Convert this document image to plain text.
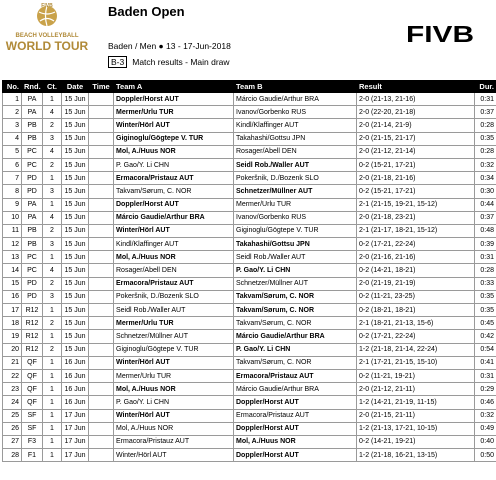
FIVB
BEACH VOLLEYBALL
WORLD TOUR
Baden Open
Baden / Men ● 13 - 17-Jun-2018
B-3 Match results - Main draw
FIVB
No.	Rnd.	Ct.	Date	Time	Team A	Team B	Result	Dur.
1	PA	1	15 Jun		Doppler/Horst AUT	Márcio Gaudie/Arthur BRA	2-0 (21-13, 21-16)	0:31
2	PA	4	15 Jun		Mermer/Urlu TUR	Ivanov/Gorbenko RUS	2-0 (22-20, 21-18)	0:37
3	PB	2	15 Jun		Winter/Hörl AUT	Kindl/Klaffinger AUT	2-0 (21-14, 21-9)	0:28
4	PB	3	15 Jun		Giginoglu/Gögtepe V. TUR	Takahashi/Gottsu JPN	2-0 (21-15, 21-17)	0:35
5	PC	4	15 Jun		Mol, A./Huus NOR	Rosager/Abell DEN	2-0 (21-12, 21-14)	0:28
6	PC	2	15 Jun		P. Gao/Y. Li CHN	Seidl Rob./Waller AUT	0-2 (15-21, 17-21)	0:32
7	PD	1	15 Jun		Ermacora/Pristauz AUT	Pokeršnik, D./Bozenk SLO	2-0 (21-18, 21-16)	0:34
8	PD	3	15 Jun		Takvam/Sørum, C. NOR	Schnetzer/Müllner AUT	0-2 (15-21, 17-21)	0:30
9	PA	1	15 Jun		Doppler/Horst AUT	Mermer/Urlu TUR	2-1 (21-15, 19-21, 15-12)	0:44
10	PA	4	15 Jun		Márcio Gaudie/Arthur BRA	Ivanov/Gorbenko RUS	2-0 (21-18, 23-21)	0:37
11	PB	2	15 Jun		Winter/Hörl AUT	Giginoglu/Gögtepe V. TUR	2-1 (21-17, 18-21, 15-12)	0:48
12	PB	3	15 Jun		Kindl/Klaffinger AUT	Takahashi/Gottsu JPN	0-2 (17-21, 22-24)	0:39
13	PC	1	15 Jun		Mol, A./Huus NOR	Seidl Rob./Waller AUT	2-0 (21-16, 21-16)	0:31
14	PC	4	15 Jun		Rosager/Abell DEN	P. Gao/Y. Li CHN	0-2 (14-21, 18-21)	0:28
15	PD	2	15 Jun		Ermacora/Pristauz AUT	Schnetzer/Müllner AUT	2-0 (21-19, 21-19)	0:33
16	PD	3	15 Jun		Pokeršnik, D./Bozenk SLO	Takvam/Sørum, C. NOR	0-2 (11-21, 23-25)	0:35
17	R12	1	15 Jun		Seidl Rob./Waller AUT	Takvam/Sørum, C. NOR	0-2 (18-21, 18-21)	0:35
18	R12	2	15 Jun		Mermer/Urlu TUR	Takvam/Sørum, C. NOR	2-1 (18-21, 21-13, 15-6)	0:45
19	R12	1	15 Jun		Schnetzer/Müllner AUT	Márcio Gaudie/Arthur BRA	0-2 (17-21, 22-24)	0:42
20	R12	2	15 Jun		Giginoglu/Gögtepe V. TUR	P. Gao/Y. Li CHN	1-2 (21-18, 21-14, 22-24)	0:54
21	QF	1	16 Jun		Winter/Hörl AUT	Takvam/Sørum, C. NOR	2-1 (17-21, 21-15, 15-10)	0:41
22	QF	1	16 Jun		Mermer/Urlu TUR	Ermacora/Pristauz AUT	0-2 (11-21, 19-21)	0:31
23	QF	1	16 Jun		Mol, A./Huus NOR	Márcio Gaudie/Arthur BRA	2-0 (21-12, 21-11)	0:29
24	QF	1	16 Jun		P. Gao/Y. Li CHN	Doppler/Horst AUT	1-2 (14-21, 21-19, 11-15)	0:46
25	SF	1	17 Jun		Winter/Hörl AUT	Ermacora/Pristauz AUT	2-0 (21-15, 21-11)	0:32
26	SF	1	17 Jun		Mol, A./Huus NOR	Doppler/Horst AUT	1-2 (21-13, 17-21, 10-15)	0:49
27	F3	1	17 Jun		Ermacora/Pristauz AUT	Mol, A./Huus NOR	0-2 (14-21, 19-21)	0:40
28	F1	1	17 Jun		Winter/Hörl AUT	Doppler/Horst AUT	1-2 (21-18, 16-21, 13-15)	0:50
